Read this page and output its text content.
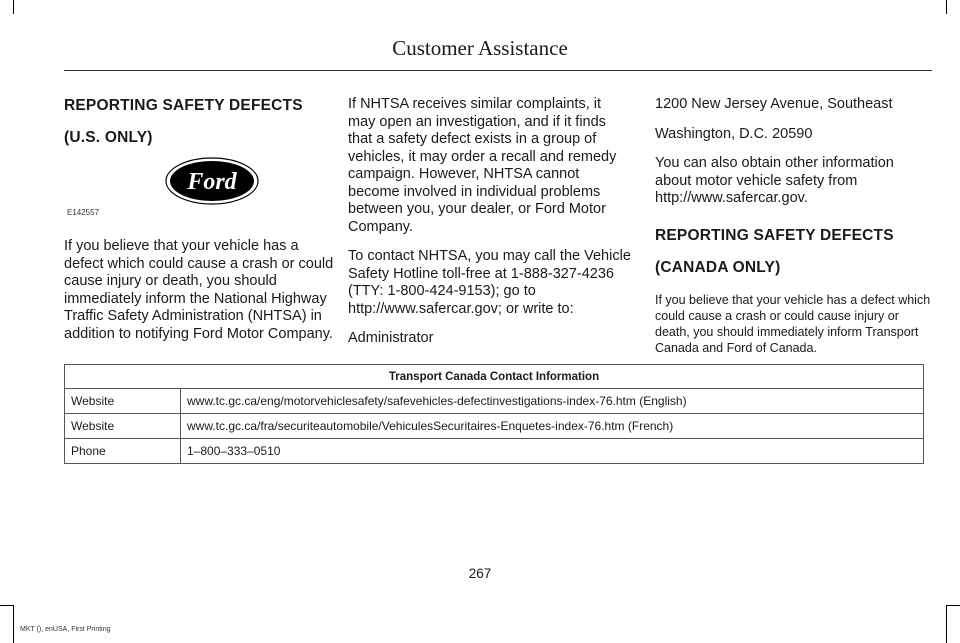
Customer Assistance
REPORTING SAFETY DEFECTS
(U.S. ONLY)
Ford
E142557

If you believe that your vehicle has a defect which could cause a crash or could cause injury or death, you should immediately inform the National Highway Traffic Safety Administration (NHTSA) in addition to notifying Ford Motor Company.

If NHTSA receives similar complaints, it may open an investigation, and if it finds that a safety defect exists in a group of vehicles, it may order a recall and remedy campaign. However, NHTSA cannot become involved in individual problems between you, your dealer, or Ford Motor Company.

To contact NHTSA, you may call the Vehicle Safety Hotline toll-free at 1-888-327-4236 (TTY: 1-800-424-9153); go to http://www.safercar.gov; or write to:

Administrator

1200 New Jersey Avenue, Southeast

Washington, D.C. 20590

You can also obtain other information about motor vehicle safety from http://www.safercar.gov.

REPORTING SAFETY DEFECTS
(CANADA ONLY)

If you believe that your vehicle has a defect which could cause a crash or could cause injury or death, you should immediately inform Transport Canada and Ford of Canada.

Transport Canada Contact Information	
Website	www.tc.gc.ca/eng/motorvehiclesafety/safevehicles-defectinvestigations-index-76.htm (English)
Website	www.tc.gc.ca/fra/securiteautomobile/VehiculesSecuritaires-Enquetes-index-76.htm (French)
Phone	1–800–333–0510
267
MKT (), enUSA, First Printing
